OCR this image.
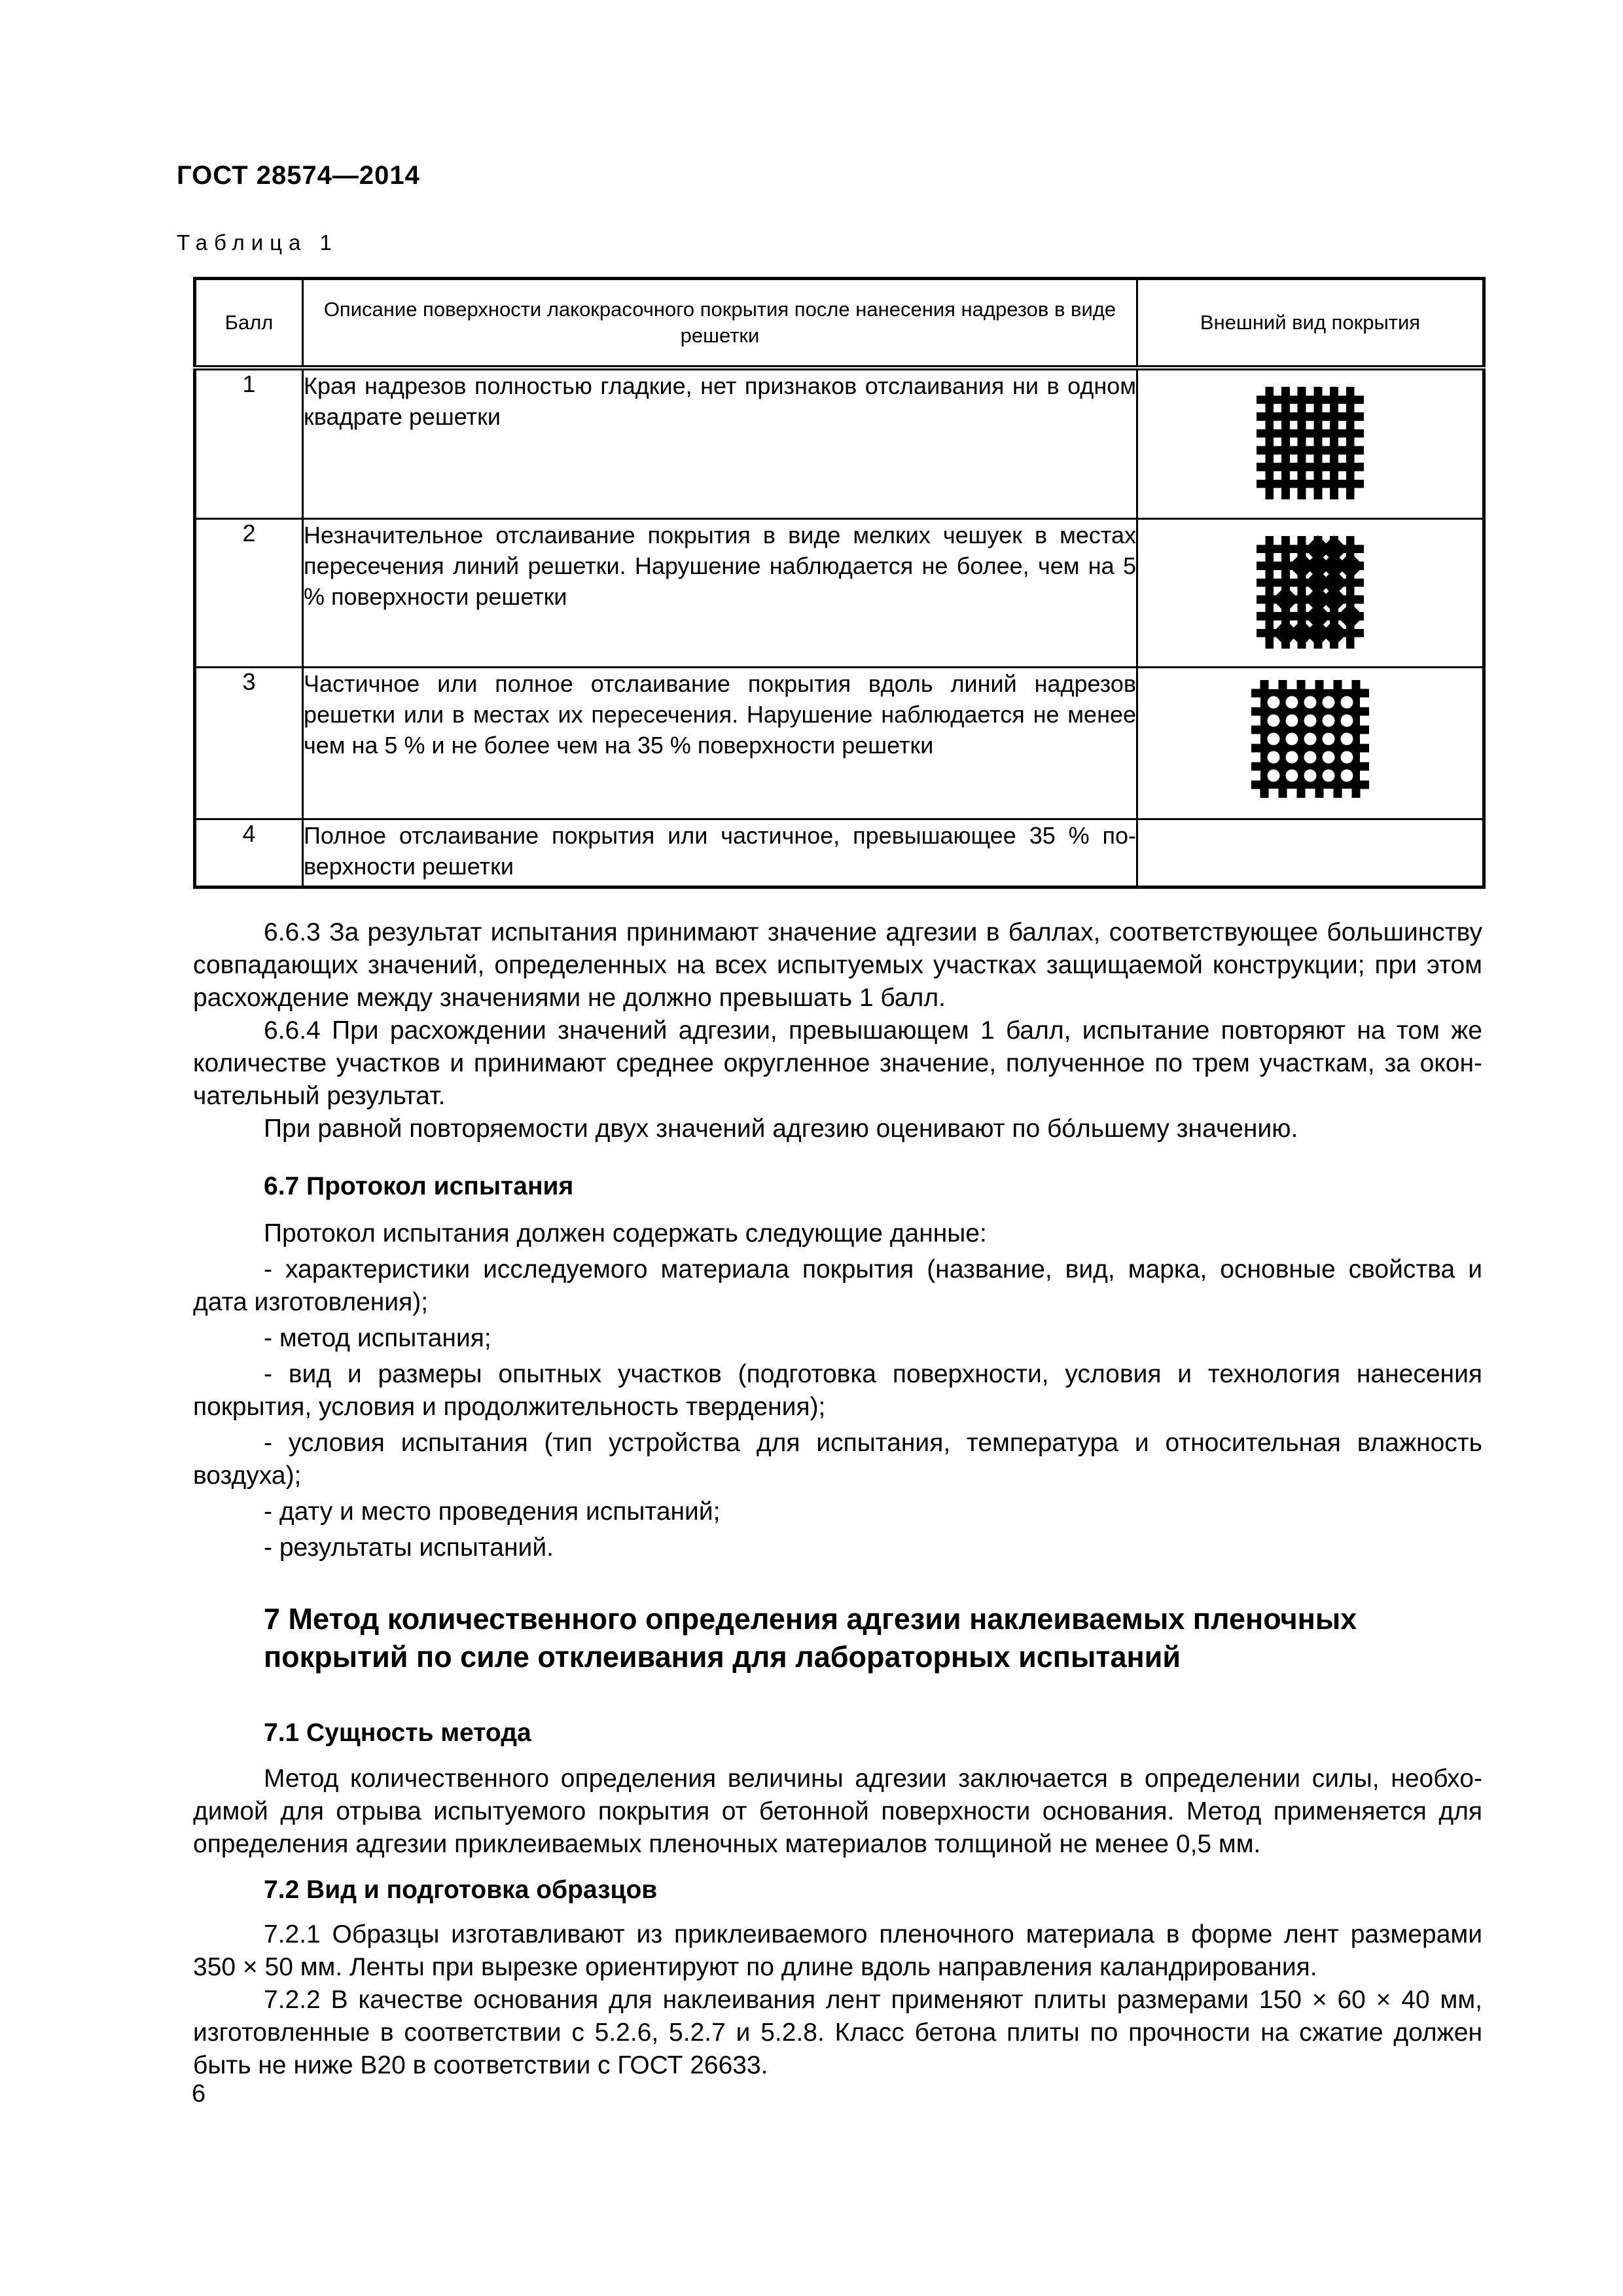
ГОСТ 28574—2014
Таблица 1
Балл	Описание поверхности лакокрасочного покрытия после нанесения надрезов в виде решетки	Внешний вид покрытия
1	Края надрезов полностью гладкие, нет признаков отслаивания ни в одном квадрате решетки	
2	Незначительное отслаивание покрытия в виде мелких чешуек в местах пересечения линий решетки. Нарушение наблюдается не более, чем на 5 % поверхности решетки	
3	Частичное или полное отслаивание покрытия вдоль линий надрезов решетки или в местах их пересечения. Нарушение наблюдается не менее чем на 5 % и не более чем на 35 % поверхности решетки	
4	Полное отслаивание покрытия или частичное, превышающее 35 % поверхности решетки	

6.6.3 За результат испытания принимают значение адгезии в баллах, соответствующее большинству совпадающих значений, определенных на всех испытуемых участках защищаемой конструкции; при этом расхождение между значениями не должно превышать 1 балл.

6.6.4 При расхождении значений адгезии, превышающем 1 балл, испытание повторяют на том же количестве участков и принимают среднее округленное значение, полученное по трем участкам, за окончательный результат.

При равной повторяемости двух значений адгезию оценивают по бо́льшему значению.

6.7 Протокол испытания

Протокол испытания должен содержать следующие данные:

- характеристики исследуемого материала покрытия (название, вид, марка, основные свойства и дата изготовления);

- метод испытания;

- вид и размеры опытных участков (подготовка поверхности, условия и технология нанесения покрытия, условия и продолжительность твердения);

- условия испытания (тип устройства для испытания, температура и относительная влажность воздуха);

- дату и место проведения испытаний;

- результаты испытаний.

7 Метод количественного определения адгезии наклеиваемых пленочных покрытий по силе отклеивания для лабораторных испытаний

7.1 Сущность метода

Метод количественного определения величины адгезии заключается в определении силы, необходимой для отрыва испытуемого покрытия от бетонной поверхности основания. Метод применяется для определения адгезии приклеиваемых пленочных материалов толщиной не менее 0,5 мм.

7.2 Вид и подготовка образцов

7.2.1 Образцы изготавливают из приклеиваемого пленочного материала в форме лент размерами 350 × 50 мм. Ленты при вырезке ориентируют по длине вдоль направления каландрирования.

7.2.2 В качестве основания для наклеивания лент применяют плиты размерами 150 × 60 × 40 мм, изготовленные в соответствии с 5.2.6, 5.2.7 и 5.2.8. Класс бетона плиты по прочности на сжатие должен быть не ниже В20 в соответствии с ГОСТ 26633.

6
